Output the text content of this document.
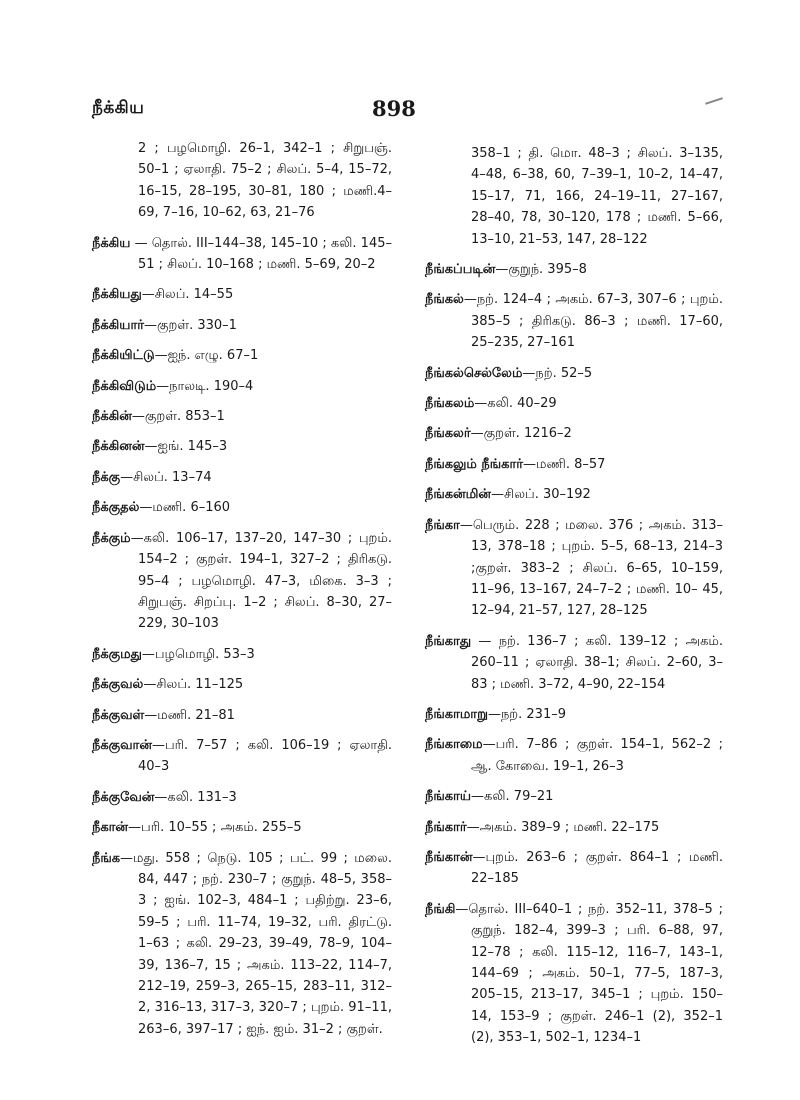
நீக்கிய	898

2 ; பழமொழி. 26–1, 342–1 ; சிறுபஞ். 50–1 ; ஏலாதி. 75–2 ; சிலப். 5–4, 15–72, 16–15, 28–195, 30–81, 180 ; மணி.4–69, 7–16, 10–62, 63, 21–76

நீக்கிய — தொல். III–144–38, 145–10 ; கலி. 145–51 ; சிலப். 10–168 ; மணி. 5–69, 20–2

நீக்கியது—சிலப். 14–55

நீக்கியார்—குறள். 330–1

நீக்கியிட்டு—ஐந். எழு. 67–1

நீக்கிவிடும்—நாலடி. 190–4

நீக்கின்—குறள். 853–1

நீக்கினன்—ஐங். 145–3

நீக்கு—சிலப். 13–74

நீக்குதல்—மணி. 6–160

நீக்கும்—கலி. 106–17, 137–20, 147–30 ; புறம். 154–2 ; குறள். 194–1, 327–2 ; திரிகடு. 95–4 ; பழமொழி. 47–3, மிகை. 3–3 ; சிறுபஞ். சிறப்பு. 1–2 ; சிலப். 8–30, 27–229, 30–103

நீக்குமது—பழமொழி. 53–3

நீக்குவல்—சிலப். 11–125

நீக்குவள்—மணி. 21–81

நீக்குவான்—பரி. 7–57 ; கலி. 106–19 ; ஏலாதி. 40–3

நீக்குவேன்—கலி. 131–3

நீகான்—பரி. 10–55 ; அகம். 255–5

நீங்க—மது. 558 ; நெடு. 105 ; பட். 99 ; மலை. 84, 447 ; நற். 230–7 ; குறுந். 48–5, 358–3 ; ஐங். 102–3, 484–1 ; பதிற்று. 23–6, 59–5 ; பரி. 11–74, 19–32, பரி. திரட்டு. 1–63 ; கலி. 29–23, 39–49, 78–9, 104–39, 136–7, 15 ; அகம். 113–22, 114–7, 212–19, 259–3, 265–15, 283–11, 312–2, 316–13, 317–3, 320–7 ; புறம். 91–11, 263–6, 397–17 ; ஐந். ஐம். 31–2 ; குறள்.

358–1 ; தி. மொ. 48–3 ; சிலப். 3–135, 4–48, 6–38, 60, 7–39–1, 10–2, 14–47, 15–17, 71, 166, 24–19–11, 27–167, 28–40, 78, 30–120, 178 ; மணி. 5–66, 13–10, 21–53, 147, 28–122

நீங்கப்படின்—குறுந். 395–8

நீங்கல்—நற். 124–4 ; அகம். 67–3, 307–6 ; புறம். 385–5 ; திரிகடு. 86–3 ; மணி. 17–60, 25–235, 27–161

நீங்கல்செல்லேம்—நற். 52–5

நீங்கலம்—கலி. 40–29

நீங்கலர்—குறள். 1216–2

நீங்கலும் நீங்கார்—மணி. 8–57

நீங்கன்மின்—சிலப். 30–192

நீங்கா—பெரும். 228 ; மலை. 376 ; அகம். 313–13, 378–18 ; புறம். 5–5, 68–13, 214–3 ;குறள். 383–2 ; சிலப். 6–65, 10–159, 11–96, 13–167, 24–7–2 ; மணி. 10– 45, 12–94, 21–57, 127, 28–125

நீங்காது — நற். 136–7 ; கலி. 139–12 ; அகம். 260–11 ; ஏலாதி. 38–1; சிலப். 2–60, 3–83 ; மணி. 3–72, 4–90, 22–154

நீங்காமாறு—நற். 231–9

நீங்காமை—பரி. 7–86 ; குறள். 154–1, 562–2 ; ஆ. கோவை. 19–1, 26–3

நீங்காய்—கலி. 79–21

நீங்கார்—அகம். 389–9 ; மணி. 22–175

நீங்கான்—புறம். 263–6 ; குறள். 864–1 ; மணி. 22–185

நீங்கி—தொல். III–640–1 ; நற். 352–11, 378–5 ; குறுந். 182–4, 399–3 ; பரி. 6–88, 97, 12–78 ; கலி. 115–12, 116–7, 143–1, 144–69 ; அகம். 50–1, 77–5, 187–3, 205–15, 213–17, 345–1 ; புறம். 150–14, 153–9 ; குறள். 246–1 (2), 352–1 (2), 353–1, 502–1, 1234–1
